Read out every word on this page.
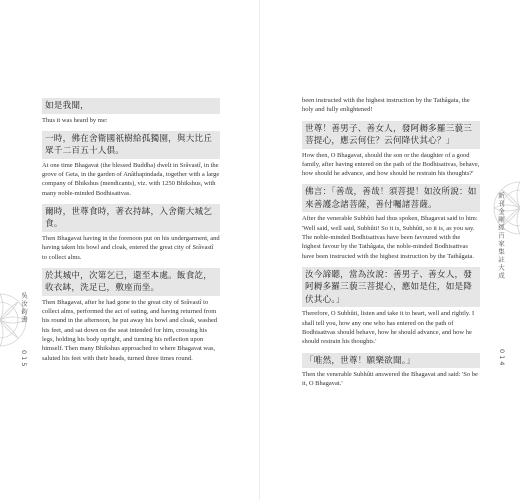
吳汝鈞書
015
如是我聞，
Thus it was heard by me:
一時，佛在舍衛國祇樹給孤獨園，與大比丘眾千二百五十人俱。
At one time Bhagavat (the blessed Buddha) dwelt in Srâvastî, in the grove of Geta, in the garden of Anâthapindada, together with a large company of Bhikshus (mendicants), viz. with 1250 Bhikshus, with many noble-minded Bodhisattvas.
爾時，世尊食時，著衣持缽，入舍衛大城乞食。
Then Bhagavat having in the forenoon put on his undergarment, and having taken his bowl and cloak, entered the great city of Srâvastî to collect alms.
於其城中，次第乞已，還至本處。飯食訖，收衣缽，洗足已，敷座而坐。
Then Bhagavat, after he had gone to the great city of Srâvastî to collect alms, performed the act of eating, and having returned from his round in the afternoon, he put away his bowl and cloak, washed his feet, and sat down on the seat intended for him, crossing his legs, holding his body upright, and turning his reflection upon himself. Then many Bhikshus approached to where Bhagavat was, saluted his feet with their heads, turned three times round.
新刊金剛經百家集註大成
014
been instructed with the highest instruction by the Tathâgata, the holy and fully enlightened!
世尊！善男子、善女人，發阿耨多羅三藐三菩提心，應云何住？云何降伏其心？」
How then, O Bhagavat, should the son or the daughter of a good family, after having entered on the path of the Bodhisattvas, behave, how should he advance, and how should he restrain his thoughts?'
佛言：「善哉，善哉！須菩提！如汝所說：如來善護念諸菩薩，善付囑諸菩薩。
After the venerable Subhûti had thus spoken, Bhagavat said to him: 'Well said, well said, Subhûti! So it is, Subhûti, so it is, as you say. The noble-minded Bodhisattvas have been favoured with the highest favour by the Tathâgata, the noble-minded Bodhisattvas have been instructed with the highest instruction by the Tathâgata.
汝今諦聽，當為汝說：善男子、善女人，發阿耨多羅三藐三菩提心，應如是住，如是降伏其心。」
Therefore, O Subhûti, listen and take it to heart, well and rightly. I shall tell you, how any one who has entered on the path of Bodhisattvas should behave, how he should advance, and how he should restrain his thoughts.'
「唯然，世尊！願樂欲聞。」
Then the venerable Subhûti answered the Bhagavat and said: 'So be it, O Bhagavat.'
